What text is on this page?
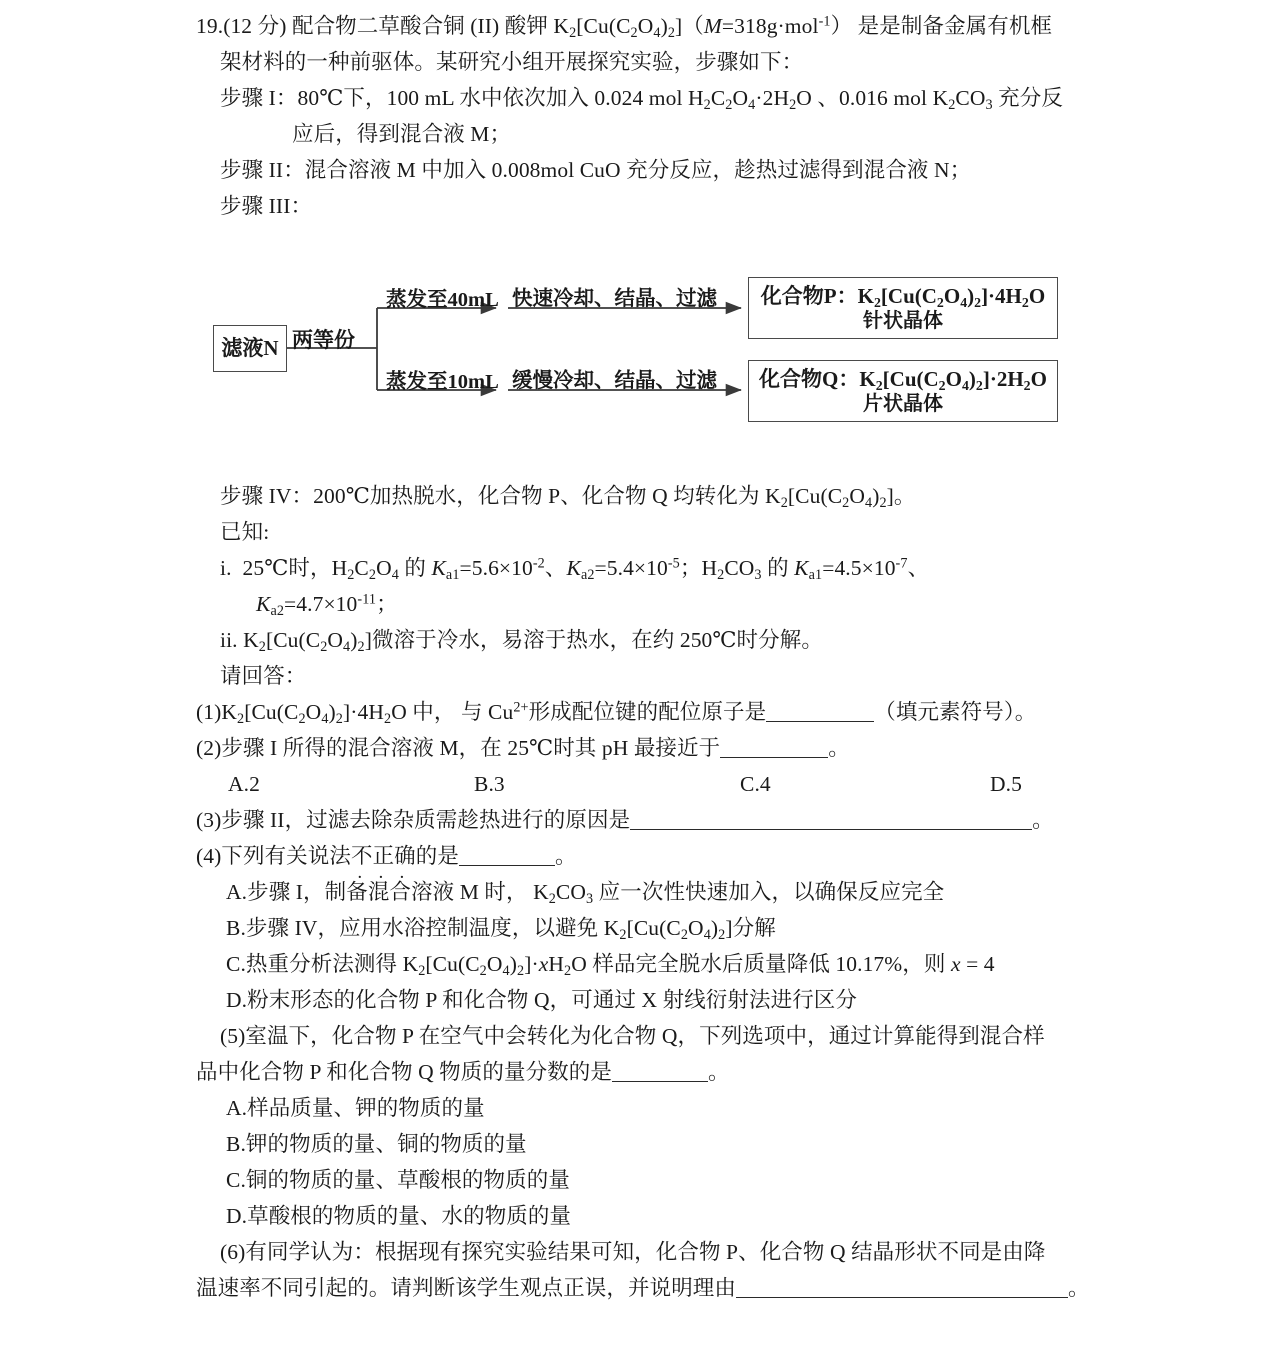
19.(12 分) 配合物二草酸合铜 (II) 酸钾 $K_2[Cu(C_2O_4)_2](M=318g\cdot mol^{-1})$ 是是制备金属有机框
架材料的一种前驱体。某研究小组开展探究实验，步骤如下：
步骤 I：80℃下，100 mL 水中依次加入 0.024 mol $H_2C_2O_4\cdot 2H_2O$ 、0.016 mol $K_2CO_3$ 充分反
应后，得到混合液 M；
步骤 II：混合溶液 M 中加入 0.008mol CuO 充分反应，趁热过滤得到混合液 N；
步骤 III：
滤液N 两等份
蒸发至40mL 快速冷却、结晶、过滤
蒸发至10mL 缓慢冷却、结晶、过滤
化合物P：$K_2[Cu(C_2O_4)_2]\cdot 4H_2O$
针状晶体
化合物Q：$K_2[Cu(C_2O_4)_2]\cdot 2H_2O$
片状晶体
步骤 IV：200℃加热脱水，化合物 P、化合物 Q 均转化为 $K_2[Cu(C_2O_4)_2]$。
已知:
i. 25℃时，$H_2C_2O_4$ 的 $K_{a1}=5.6\times 10^{-2}$、$K_{a2}=5.4\times 10^{-5}$；$H_2CO_3$ 的 $K_{a1}=4.5\times 10^{-7}$、
$K_{a2}=4.7\times 10^{-11}$；
ii. $K_2[Cu(C_2O_4)_2]$微溶于冷水，易溶于热水，在约 250℃时分解。
请回答：
$(1)K_2[Cu(C_2O_4)_2]\cdot 4H_2O$ 中， 与 $Cu^{2+}$形成配位键的配位原子是	（填元素符号）。
(2)步骤 I 所得的混合溶液 M，在 25℃时其 pH 最接近于	。
A.2	B.3	C.4	D.5
(3)步骤 II，过滤去除杂质需趁热进行的原因是	。
(4)下列有关说法不正确 · · ·的是	。
A.步骤 I，制备混合溶液 M 时， $K_2CO_3$ 应一次性快速加入，以确保反应完全
B.步骤 IV，应用水浴控制温度，以避免 $K_2[Cu(C_2O_4)_2]$分解
C.热重分析法测得 $K_2[Cu(C_2O_4)_2]\cdot xH_2O$ 样品完全脱水后质量降低 10.17%，则 x = 4
D.粉末形态的化合物 P 和化合物 Q，可通过 X 射线衍射法进行区分
(5)室温下，化合物 P 在空气中会转化为化合物 Q，下列选项中，通过计算能得到混合样
品中化合物 P 和化合物 Q 物质的量分数的是	。
A.样品质量、钾的物质的量
B.钾的物质的量、铜的物质的量
C.铜的物质的量、草酸根的物质的量
D.草酸根的物质的量、水的物质的量
(6)有同学认为：根据现有探究实验结果可知，化合物 P、化合物 Q 结晶形状不同是由降
温速率不同引起的。请判断该学生观点正误，并说明理由	。
